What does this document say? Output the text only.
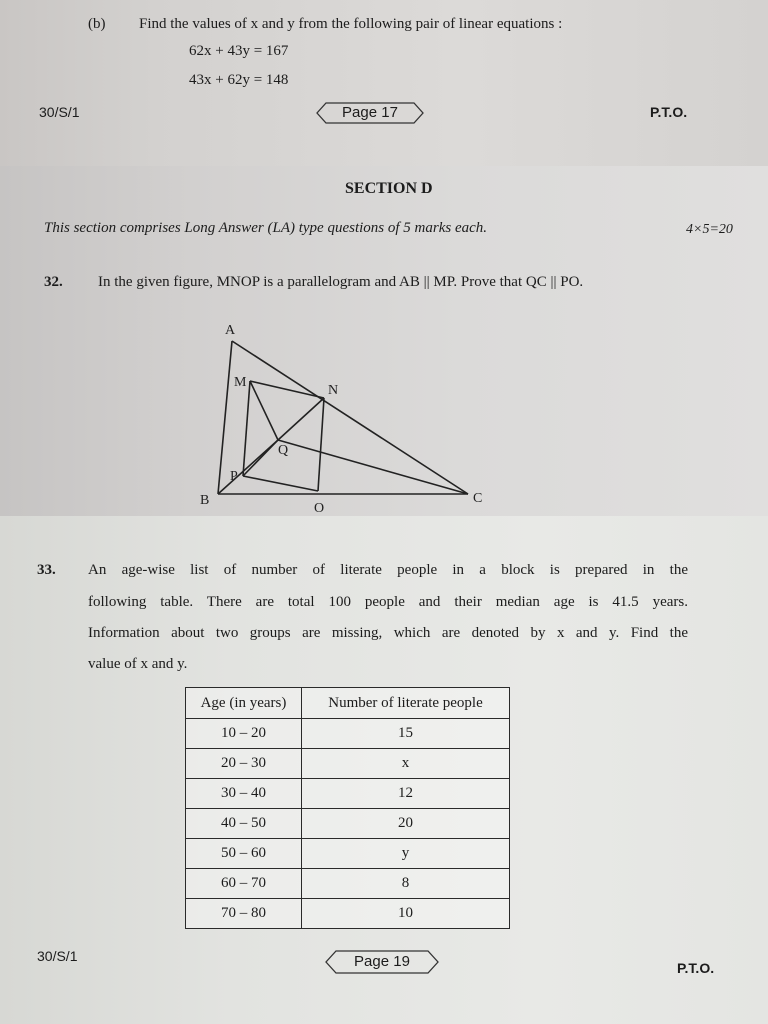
(b) Find the values of x and y from the following pair of linear equations :
62x + 43y = 167
43x + 62y = 148
30/S/1	Page 17	P.T.O.
SECTION D
This section comprises Long Answer (LA) type questions of 5 marks each.	4×5=20
32. In the given figure, MNOP is a parallelogram and AB || MP. Prove that QC || PO.
A
M
N
Q
P
B
O
C
33. An age-wise list of number of literate people in a block is prepared in the
following table. There are total 100 people and their median age is 41.5 years.
Information about two groups are missing, which are denoted by x and y. Find the
value of x and y.
Age (in years)	Number of literate people
10 – 20	15
20 – 30	x
30 – 40	12
40 – 50	20
50 – 60	y
60 – 70	8
70 – 80	10
30/S/1	Page 19	P.T.O.
